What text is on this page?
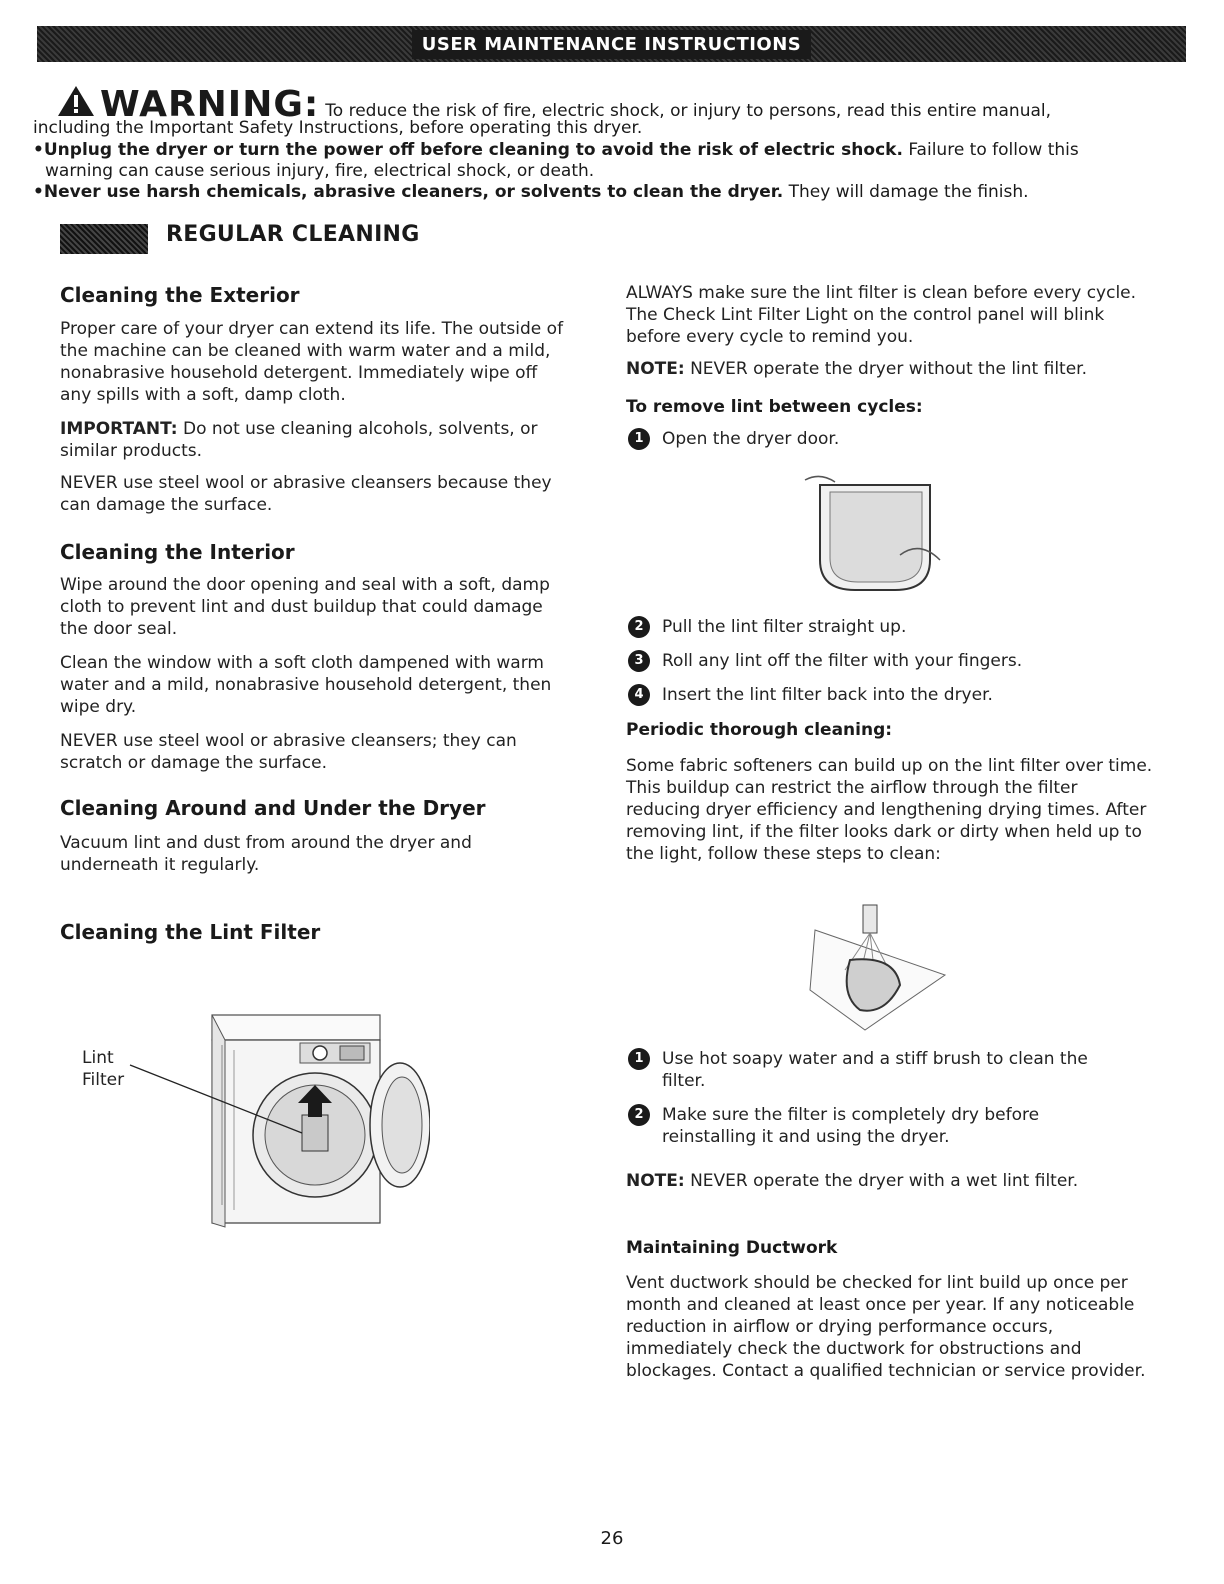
USER MAINTENANCE INSTRUCTIONS
WARNING: To reduce the risk of fire, electric shock, or injury to persons, read this entire manual,
including the Important Safety Instructions, before operating this dryer.
•Unplug the dryer or turn the power off before cleaning to avoid the risk of electric shock. Failure to follow this
warning can cause serious injury, fire, electrical shock, or death.
•Never use harsh chemicals, abrasive cleaners, or solvents to clean the dryer. They will damage the finish.
REGULAR CLEANING
Cleaning the Exterior
Proper care of your dryer can extend its life. The outside of the machine can be cleaned with warm water and a mild, nonabrasive household detergent. Immediately wipe off any spills with a soft, damp cloth.
IMPORTANT: Do not use cleaning alcohols, solvents, or similar products.
NEVER use steel wool or abrasive cleansers because they can damage the surface.
Cleaning the Interior
Wipe around the door opening and seal with a soft, damp cloth to prevent lint and dust buildup that could damage the door seal.
Clean the window with a soft cloth dampened with warm water and a mild, nonabrasive household detergent, then wipe dry.
NEVER use steel wool or abrasive cleansers; they can scratch or damage the surface.
Cleaning Around and Under the Dryer
Vacuum lint and dust from around the dryer and underneath it regularly.
Cleaning the Lint Filter
Lint
Filter
ALWAYS make sure the lint filter is clean before every cycle. The Check Lint Filter Light on the control panel will blink before every cycle to remind you.
NOTE: NEVER operate the dryer without the lint filter.
To remove lint between cycles:
1	Open the dryer door.
2	Pull the lint filter straight up.
3	Roll any lint off the filter with your fingers.
4	Insert the lint filter back into the dryer.
Periodic thorough cleaning:
Some fabric softeners can build up on the lint filter over time. This buildup can restrict the airflow through the filter reducing dryer efficiency and lengthening drying times. After removing lint, if the filter looks dark or dirty when held up to the light, follow these steps to clean:
1	Use hot soapy water and a stiff brush to clean the filter.
2	Make sure the filter is completely dry before reinstalling it and using the dryer.
NOTE: NEVER operate the dryer with a wet lint filter.
Maintaining Ductwork
Vent ductwork should be checked for lint build up once per month and cleaned at least once per year. If any noticeable reduction in airflow or drying performance occurs, immediately check the ductwork for obstructions and blockages. Contact a qualified technician or service provider.
26
